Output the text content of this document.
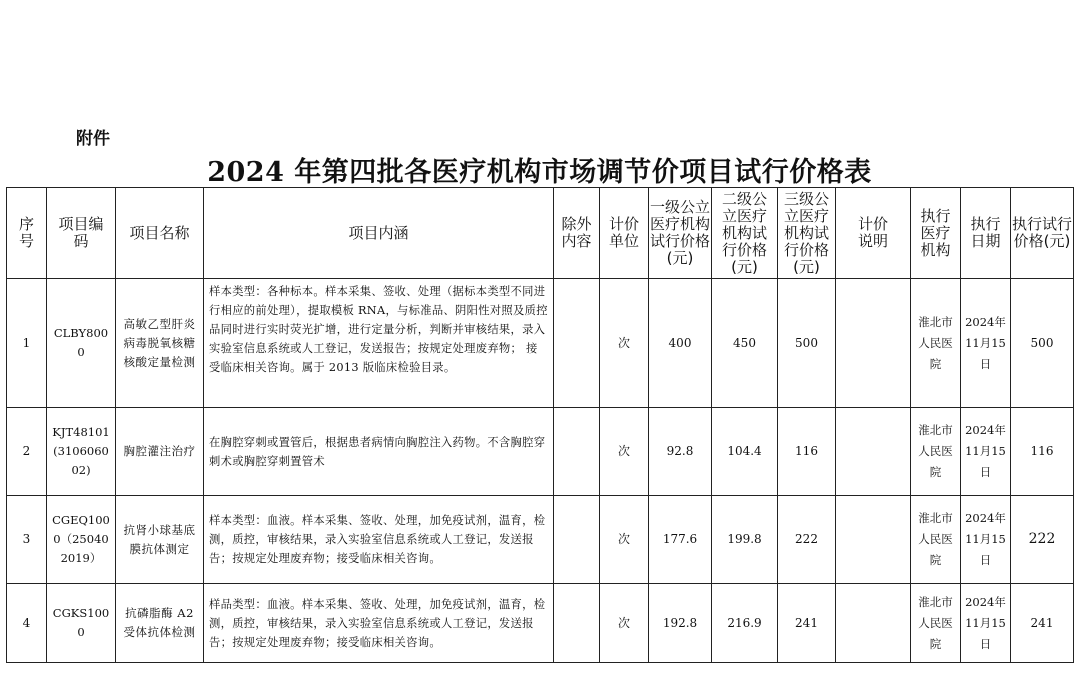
附件
2024 年第四批各医疗机构市场调节价项目试行价格表
序号	项目编码	项目名称	项目内涵	除外内容	计价单位	一级公立医疗机构试行价格(元)	二级公立医疗机构试行价格(元)	三级公立医疗机构试行价格(元)	计价说明	执行医疗机构	执行日期	执行试行价格(元)
1	CLBY8000	高敏乙型肝炎病毒脱氧核糖核酸定量检测	样本类型：各种标本。样本采集、签收、处理（据标本类型不同进行相应的前处理），提取模板 RNA，与标准品、阴阳性对照及质控品同时进行实时荧光扩增，进行定量分析，判断并审核结果，录入实验室信息系统或人工登记，发送报告；按规定处理废弃物； 接受临床相关咨询。属于 2013 版临床检验目录。		次	400	450	500		淮北市人民医院	2024年11月15日	500
2	KJT48101(310606002)	胸腔灌注治疗	在胸腔穿刺或置管后，根据患者病情向胸腔注入药物。不含胸腔穿刺术或胸腔穿刺置管术		次	92.8	104.4	116		淮北市人民医院	2024年11月15日	116
3	CGEQ1000（250402019）	抗肾小球基底膜抗体测定	样本类型：血液。样本采集、签收、处理，加免疫试剂，温育，检测，质控，审核结果，录入实验室信息系统或人工登记，发送报告；按规定处理废弃物；接受临床相关咨询。		次	177.6	199.8	222		淮北市人民医院	2024年11月15日	222
4	CGKS1000	抗磷脂酶 A2 受体抗体检测	样品类型：血液。样本采集、签收、处理，加免疫试剂，温育，检测，质控，审核结果，录入实验室信息系统或人工登记，发送报告；按规定处理废弃物；接受临床相关咨询。		次	192.8	216.9	241		淮北市人民医院	2024年11月15日	241
